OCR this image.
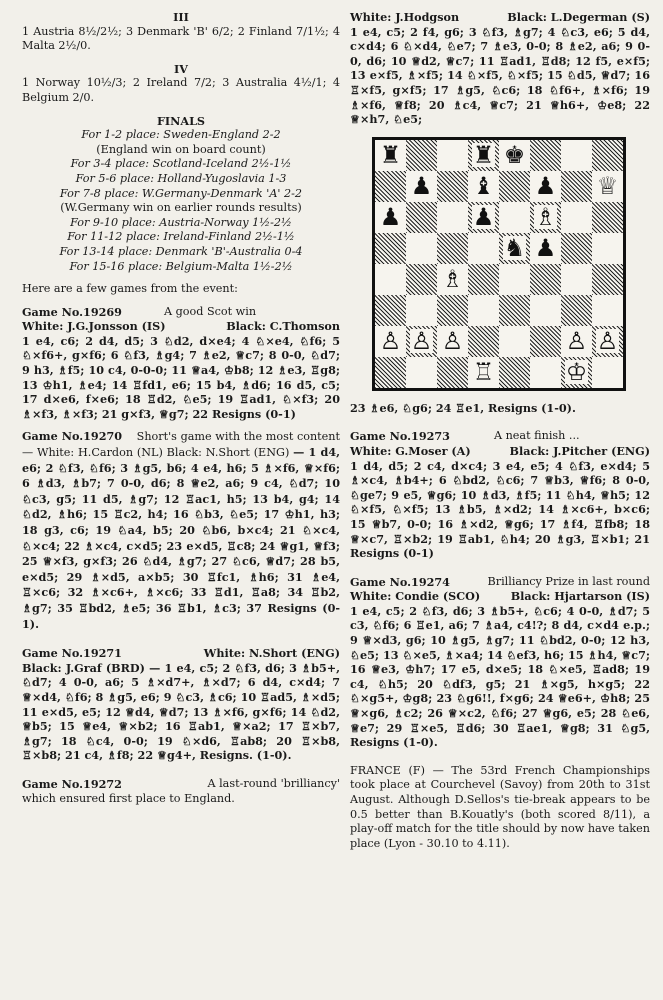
III

1 Austria 8½/2½; 3 Denmark 'B' 6/2; 2 Finland 7/1½; 4 Malta 2½/0.

IV

1 Norway 10½/3; 2 Ireland 7/2; 3 Australia 4½/1; 4 Belgium 2/0.

FINALS

For 1-2 place: Sweden-England 2-2

(England win on board count)

For 3-4 place: Scotland-Iceland 2½-1½

For 5-6 place: Holland-Yugoslavia 1-3

For 7-8 place: W.Germany-Denmark 'A' 2-2

(W.Germany win on earlier rounds results)

For 9-10 place: Austria-Norway 1½-2½

For 11-12 place: Ireland-Finland 2½-1½

For 13-14 place: Denmark 'B'-Australia 0-4

For 15-16 place: Belgium-Malta 1½-2½

Here are a few games from the event:

Game No.19269	A good Scot win

White: J.G.Jonsson (IS)	Black: C.Thomson

1 e4, c6; 2 d4, d5; 3 ♘d2, d×e4; 4 ♘×e4, ♘f6; 5 ♘×f6+, g×f6; 6 ♘f3, ♗g4; 7 ♗e2, ♕c7; 8 0-0, ♘d7; 9 h3, ♗f5; 10 c4, 0-0-0; 11 ♕a4, ♔b8; 12 ♗e3, ♖g8; 13 ♔h1, ♗e4; 14 ♖fd1, e6; 15 b4, ♗d6; 16 d5, c5; 17 d×e6, f×e6; 18 ♖d2, ♘e5; 19 ♖ad1, ♘×f3; 20 ♗×f3, ♗×f3; 21 g×f3, ♕g7; 22 Resigns (0-1)

Game No.19270 Short's game with the most content — White: H.Cardon (NL) Black: N.Short (ENG) — 1 d4, e6; 2 ♘f3, ♘f6; 3 ♗g5, b6; 4 e4, h6; 5 ♗×f6, ♕×f6; 6 ♗d3, ♗b7; 7 0-0, d6; 8 ♕e2, a6; 9 c4, ♘d7; 10 ♘c3, g5; 11 d5, ♗g7; 12 ♖ac1, h5; 13 b4, g4; 14 ♘d2, ♗h6; 15 ♖c2, h4; 16 ♘b3, ♘e5; 17 ♔h1, h3; 18 g3, c6; 19 ♘a4, b5; 20 ♘b6, b×c4; 21 ♘×c4, ♘×c4; 22 ♗×c4, c×d5; 23 e×d5, ♖c8; 24 ♕g1, ♕f3; 25 ♕×f3, g×f3; 26 ♘d4, ♗g7; 27 ♘c6, ♕d7; 28 b5, e×d5; 29 ♗×d5, a×b5; 30 ♖fc1, ♗h6; 31 ♗e4, ♖×c6; 32 ♗×c6+, ♗×c6; 33 ♖d1, ♖a8; 34 ♖b2, ♗g7; 35 ♖bd2, ♗e5; 36 ♖b1, ♗c3; 37 Resigns (0-1).

Game No.19271	White: N.Short (ENG)

Black: J.Graf (BRD) — 1 e4, c5; 2 ♘f3, d6; 3 ♗b5+, ♘d7; 4 0-0, a6; 5 ♗×d7+, ♗×d7; 6 d4, c×d4; 7 ♕×d4, ♘f6; 8 ♗g5, e6; 9 ♘c3, ♗c6; 10 ♖ad5, ♗×d5; 11 e×d5, e5; 12 ♕d4, ♕d7; 13 ♗×f6, g×f6; 14 ♘d2, ♕b5; 15 ♕e4, ♕×b2; 16 ♖ab1, ♕×a2; 17 ♖×b7, ♗g7; 18 ♘c4, 0-0; 19 ♘×d6, ♖ab8; 20 ♖×b8, ♖×b8; 21 c4, ♗f8; 22 ♕g4+, Resigns. (1-0).

Game No.19272	A last-round 'brilliancy'

which ensured first place to England.

White: J.Hodgson	Black: L.Degerman (S)

1 e4, c5; 2 f4, g6; 3 ♘f3, ♗g7; 4 ♘c3, e6; 5 d4, c×d4; 6 ♘×d4, ♘e7; 7 ♗e3, 0-0; 8 ♗e2, a6; 9 0-0, d6; 10 ♕d2, ♕c7; 11 ♖ad1, ♖d8; 12 f5, e×f5; 13 e×f5, ♗×f5; 14 ♘×f5, ♘×f5; 15 ♘d5, ♕d7; 16 ♖×f5, g×f5; 17 ♗g5, ♘c6; 18 ♘f6+, ♗×f6; 19 ♗×f6, ♕f8; 20 ♗c4, ♕c7; 21 ♕h6+, ♔e8; 22 ♕×h7, ♘e5;

♜	♜ ♚
♟ ♝ ♟ ♕
♟	♟ ♗
♞ ♟
♗
♙ ♙ ♙	♙ ♙
♖	♔

23 ♗e6, ♘g6; 24 ♖e1, Resigns (1-0).

Game No.19273	A neat finish ...

White: G.Moser (A)	Black: J.Pitcher (ENG)

1 d4, d5; 2 c4, d×c4; 3 e4, e5; 4 ♘f3, e×d4; 5 ♗×c4, ♗b4+; 6 ♘bd2, ♘c6; 7 ♕b3, ♕f6; 8 0-0, ♘ge7; 9 e5, ♕g6; 10 ♗d3, ♗f5; 11 ♘h4, ♕h5; 12 ♘×f5, ♘×f5; 13 ♗b5, ♗×d2; 14 ♗×c6+, b×c6; 15 ♕b7, 0-0; 16 ♗×d2, ♕g6; 17 ♗f4, ♖fb8; 18 ♕×c7, ♖×b2; 19 ♖ab1, ♘h4; 20 ♗g3, ♖×b1; 21 Resigns (0-1)

Game No.19274	Brilliancy Prize in last round

White: Condie (SCO)	Black: Hjartarson (IS)

1 e4, c5; 2 ♘f3, d6; 3 ♗b5+, ♘c6; 4 0-0, ♗d7; 5 c3, ♘f6; 6 ♖e1, a6; 7 ♗a4, c4!?; 8 d4, c×d4 e.p.; 9 ♕×d3, g6; 10 ♗g5, ♗g7; 11 ♘bd2, 0-0; 12 h3, ♘e5; 13 ♘×e5, ♗×a4; 14 ♘ef3, h6; 15 ♗h4, ♕c7; 16 ♕e3, ♔h7; 17 e5, d×e5; 18 ♘×e5, ♖ad8; 19 c4, ♘h5; 20 ♘df3, g5; 21 ♗×g5, h×g5; 22 ♘×g5+, ♔g8; 23 ♘g6!!, f×g6; 24 ♕e6+, ♔h8; 25 ♕×g6, ♗c2; 26 ♕×c2, ♘f6; 27 ♕g6, e5; 28 ♘e6, ♕e7; 29 ♖×e5, ♖d6; 30 ♖ae1, ♕g8; 31 ♘g5, Resigns (1-0).

FRANCE (F) — The 53rd French Championships took place at Courchevel (Savoy) from 20th to 31st August. Although D.Sellos's tie-break appears to be 0.5 better than B.Kouatly's (both scored 8/11), a play-off match for the title should by now have taken place (Lyon - 30.10 to 4.11).
